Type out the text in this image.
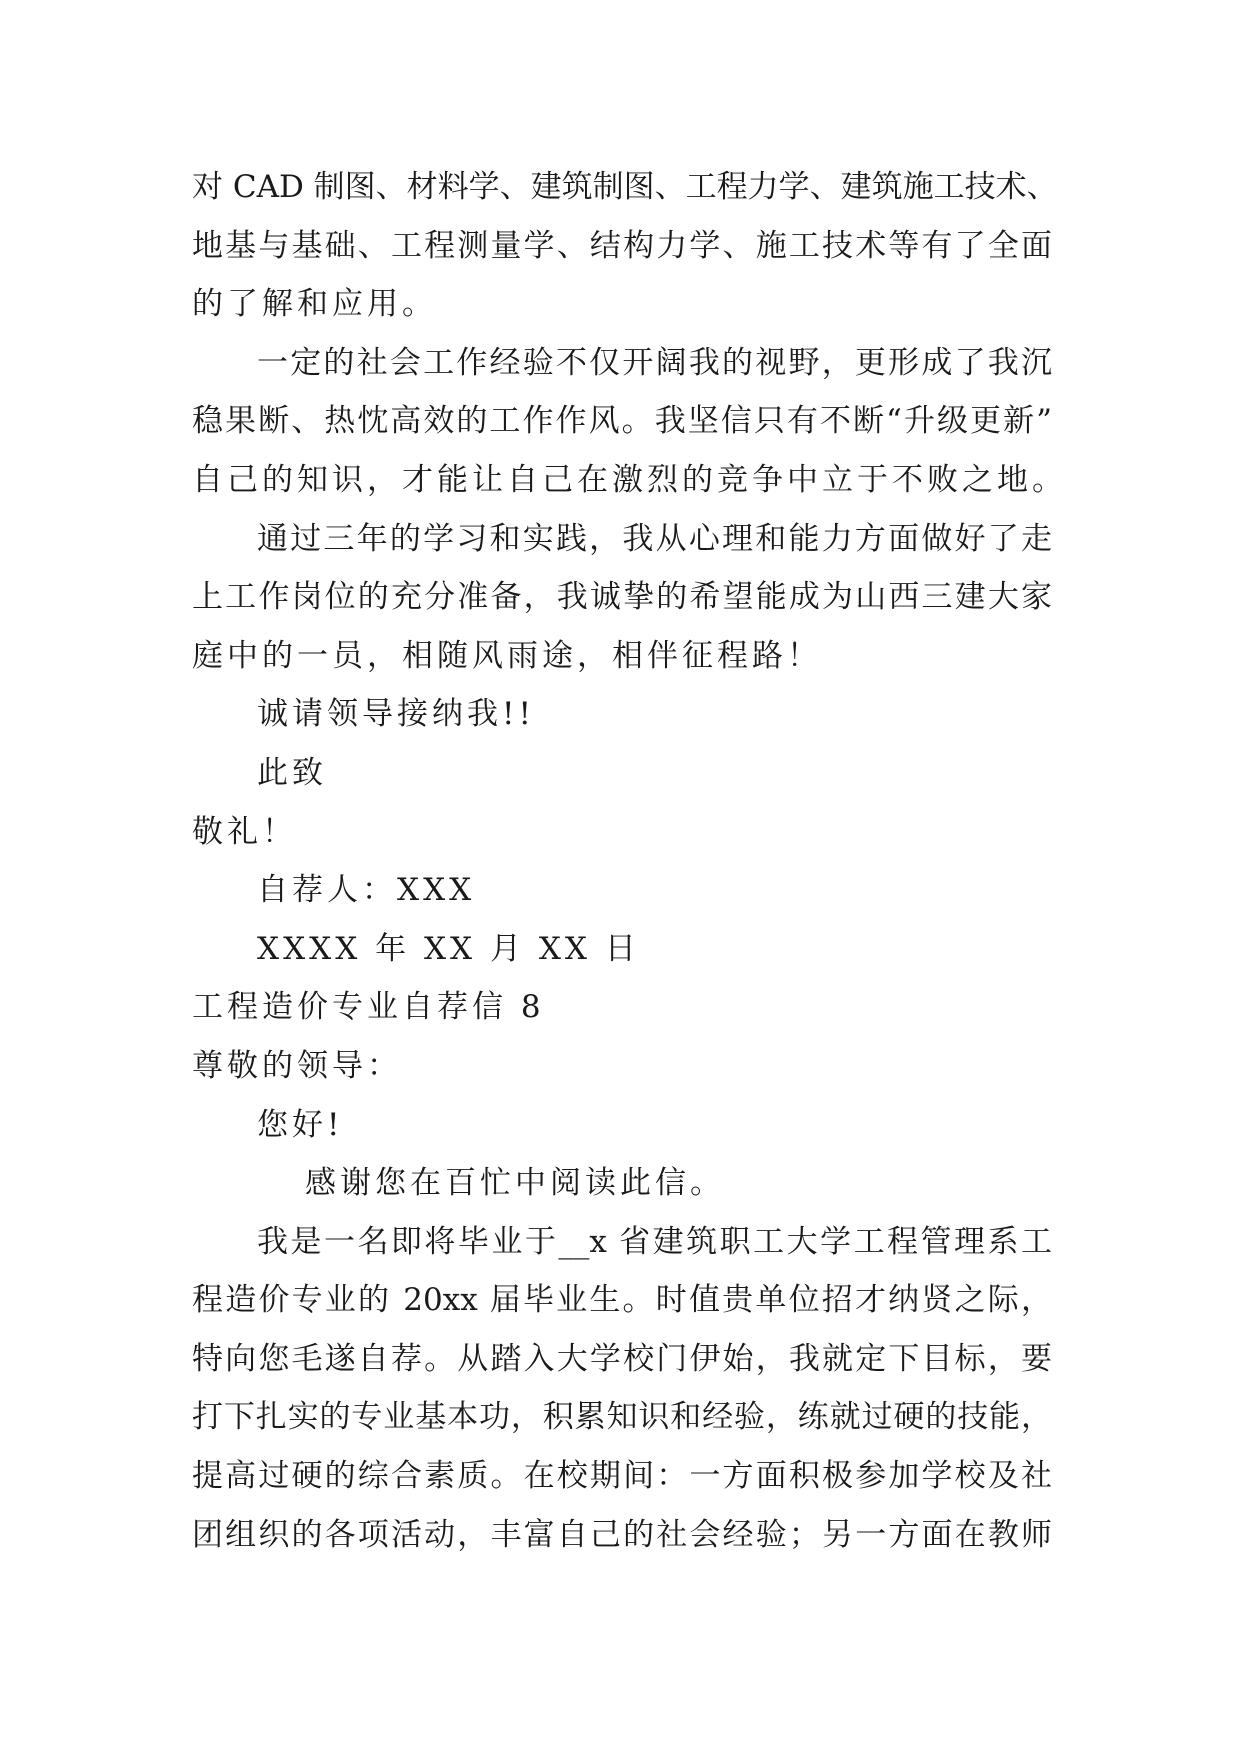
对 CAD 制图、材料学、建筑制图、工程力学、建筑施工技术、
地基与基础、工程测量学、结构力学、施工技术等有了全面
的了解和应用。
一定的社会工作经验不仅开阔我的视野，更形成了我沉
稳果断、热忱高效的工作作风。我坚信只有不断“升级更新”
自己的知识，才能让自己在激烈的竞争中立于不败之地。
通过三年的学习和实践，我从心理和能力方面做好了走
上工作岗位的充分准备，我诚挚的希望能成为山西三建大家
庭中的一员，相随风雨途，相伴征程路！
诚请领导接纳我!!
此致
敬礼！
自荐人：XXX
XXXX 年 XX 月 XX 日
工程造价专业自荐信 8
尊敬的领导：
您好!
感谢您在百忙中阅读此信。
我是一名即将毕业于__x 省建筑职工大学工程管理系工
程造价专业的 20xx 届毕业生。时值贵单位招才纳贤之际，
特向您毛遂自荐。从踏入大学校门伊始，我就定下目标，要
打下扎实的专业基本功，积累知识和经验，练就过硬的技能，
提高过硬的综合素质。在校期间：一方面积极参加学校及社
团组织的各项活动，丰富自己的社会经验；另一方面在教师
